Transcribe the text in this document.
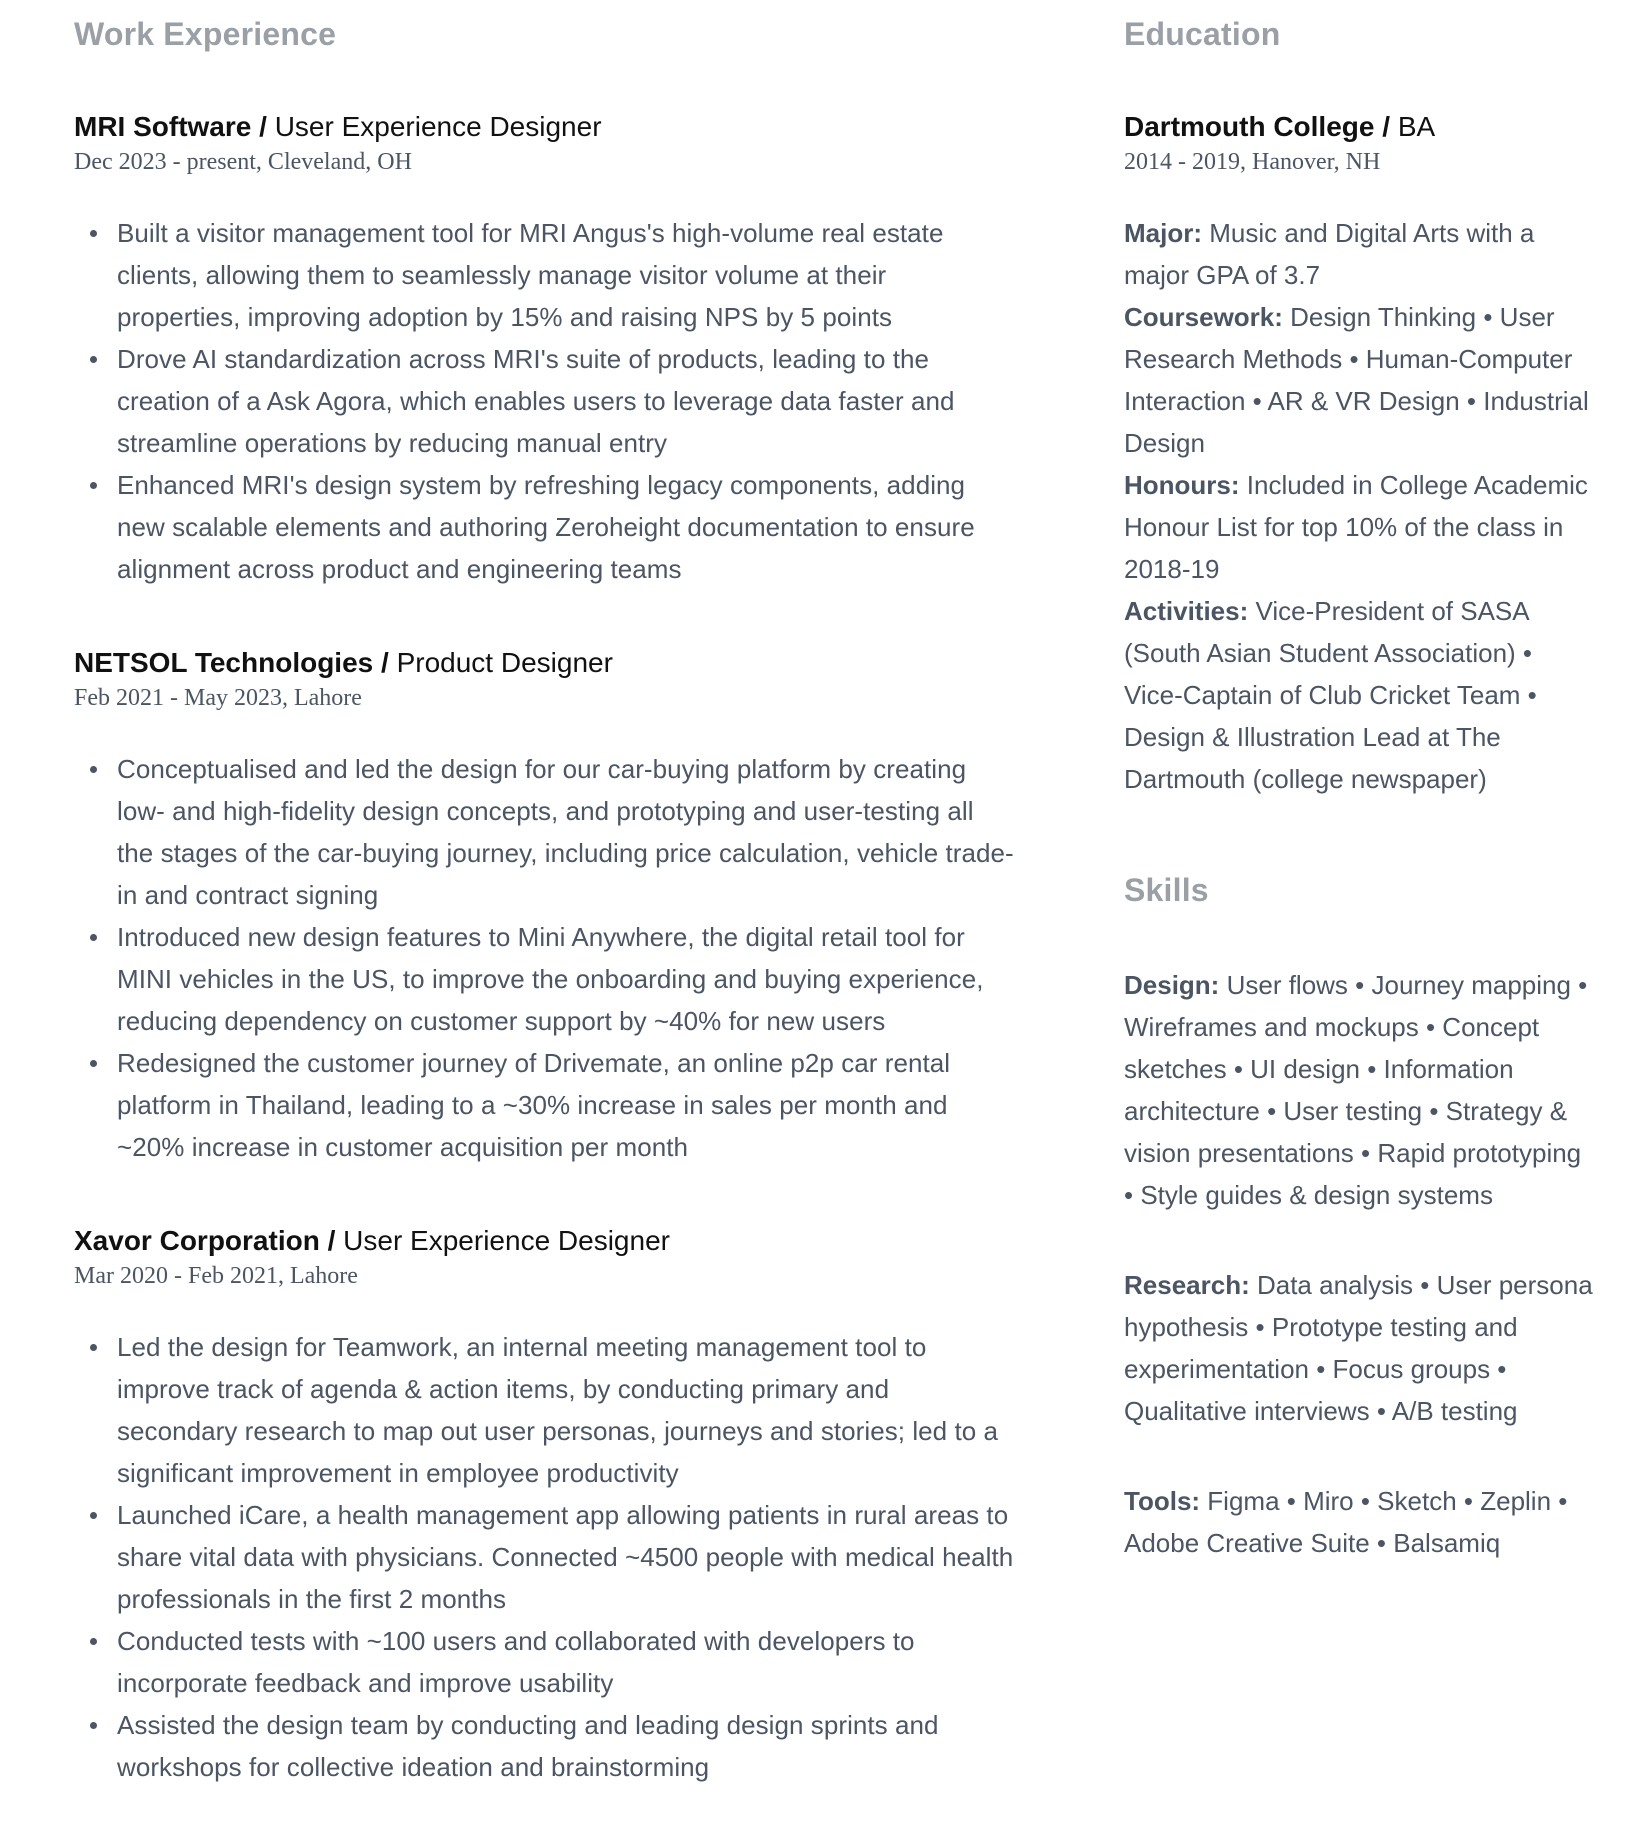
Work Experience

MRI Software / User Experience Designer

Dec 2023 - present, Cleveland, OH

Built a visitor management tool for MRI Angus's high-volume real estate clients, allowing them to seamlessly manage visitor volume at their properties, improving adoption by 15% and raising NPS by 5 points
Drove AI standardization across MRI's suite of products, leading to the creation of a Ask Agora, which enables users to leverage data faster and streamline operations by reducing manual entry
Enhanced MRI's design system by refreshing legacy components, adding new scalable elements and authoring Zeroheight documentation to ensure alignment across product and engineering teams

NETSOL Technologies / Product Designer

Feb 2021 - May 2023, Lahore

Conceptualised and led the design for our car-buying platform by creating low- and high-fidelity design concepts, and prototyping and user-testing all the stages of the car-buying journey, including price calculation, vehicle trade-in and contract signing
Introduced new design features to Mini Anywhere, the digital retail tool for MINI vehicles in the US, to improve the onboarding and buying experience, reducing dependency on customer support by ~40% for new users
Redesigned the customer journey of Drivemate, an online p2p car rental platform in Thailand, leading to a ~30% increase in sales per month and ~20% increase in customer acquisition per month

Xavor Corporation / User Experience Designer

Mar 2020 - Feb 2021, Lahore

Led the design for Teamwork, an internal meeting management tool to improve track of agenda & action items, by conducting primary and secondary research to map out user personas, journeys and stories; led to a significant improvement in employee productivity
Launched iCare, a health management app allowing patients in rural areas to share vital data with physicians. Connected ~4500 people with medical health professionals in the first 2 months
Conducted tests with ~100 users and collaborated with developers to incorporate feedback and improve usability
Assisted the design team by conducting and leading design sprints and workshops for collective ideation and brainstorming
Education

Dartmouth College / BA

2014 - 2019, Hanover, NH

Major: Music and Digital Arts with a major GPA of 3.7

Coursework: Design Thinking • User Research Methods • Human-Computer Interaction • AR & VR Design • Industrial Design

Honours: Included in College Academic Honour List for top 10% of the class in 2018-19

Activities: Vice-President of SASA (South Asian Student Association) • Vice-Captain of Club Cricket Team • Design & Illustration Lead at The Dartmouth (college newspaper)

Skills

Design: User flows • Journey mapping • Wireframes and mockups • Concept sketches • UI design • Information architecture • User testing • Strategy & vision presentations • Rapid prototyping • Style guides & design systems

Research: Data analysis • User persona hypothesis • Prototype testing and experimentation • Focus groups • Qualitative interviews • A/B testing

Tools: Figma • Miro • Sketch • Zeplin • Adobe Creative Suite • Balsamiq
